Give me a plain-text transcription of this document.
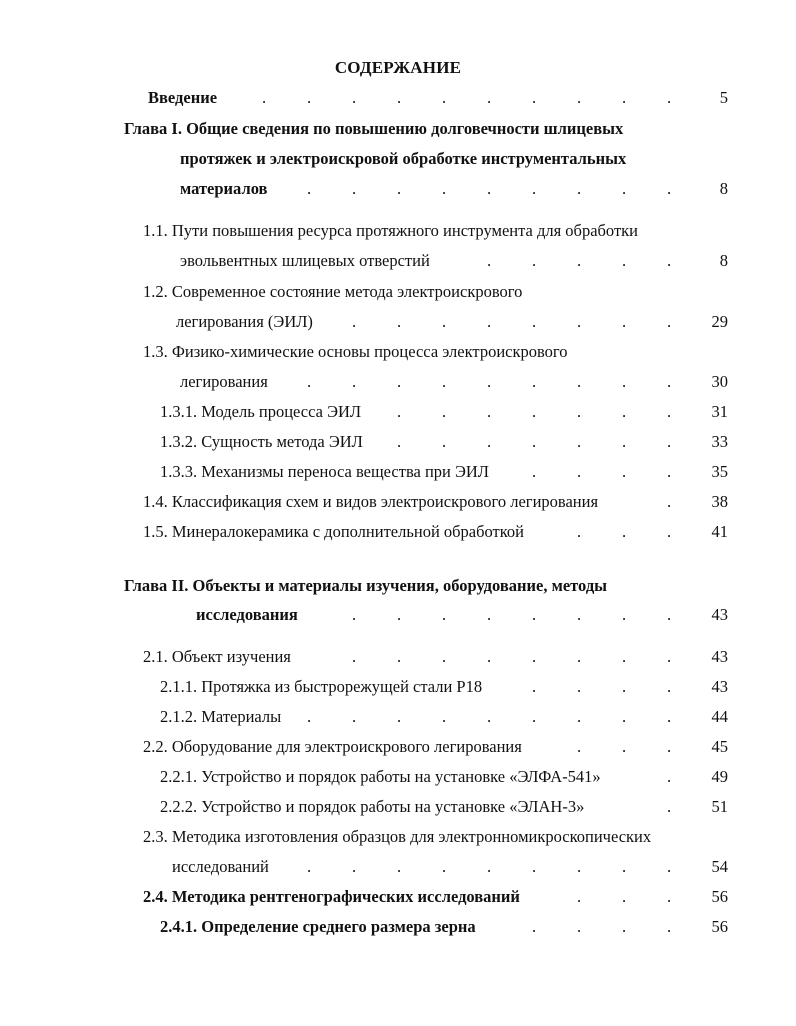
СОДЕРЖАНИЕ
Введение	. . . . . . . . . .	5
Глава I. Общие сведения по повышению долговечности шлицевых
протяжек и электроискровой обработке инструментальных
материалов . . . . . . . . .	8
1.1. Пути повышения ресурса протяжного инструмента для обработки
эвольвентных шлицевых отверстий	. . . . .	8
1.2. Современное состояние метода электроискрового
легирования (ЭИЛ) . . . . . . . . 29
1.3. Физико-химические основы процесса электроискрового
легирования . . . . . . . . . 30
1.3.1. Модель процесса ЭИЛ . . . . . . . 31
1.3.2. Сущность метода ЭИЛ . . . . . . . 33
1.3.3. Механизмы переноса вещества при ЭИЛ	. . . . 35
1.4. Классификация схем и видов электроискрового легирования	. 38
1.5. Минералокерамика с дополнительной обработкой	. . . 41
Глава II. Объекты и материалы изучения, оборудование, методы
исследования	. . . . . . . . 43
2.1. Объект изучения	. . . . . . . . 43
2.1.1. Протяжка из быстрорежущей стали Р18	. . . . 43
2.1.2. Материалы . . . . . . . . . 44
2.2. Оборудование для электроискрового легирования	. . . 45
2.2.1. Устройство и порядок работы на установке «ЭЛФА-541»	. 49
2.2.2. Устройство и порядок работы на установке «ЭЛАН-3»	. 51
2.3. Методика изготовления образцов для электронномикроскопических
исследований . . . . . . . . . 54
2.4. Методика рентгенографических исследований	. . . 56
2.4.1. Определение среднего размера зерна	. . . . 56
